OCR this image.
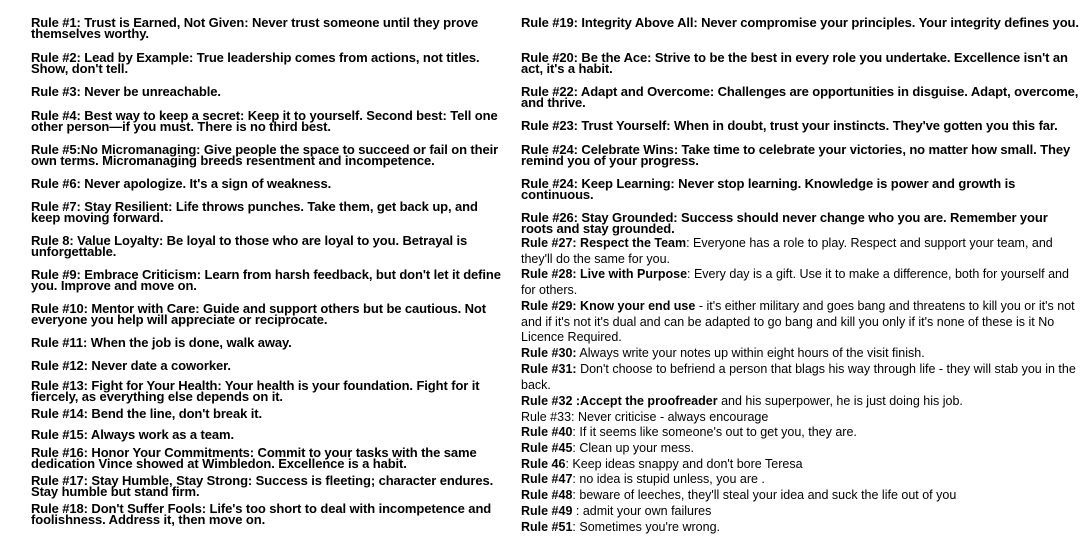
Rule #1: Trust is Earned, Not Given: Never trust someone until they prove themselves worthy.
Rule #2: Lead by Example: True leadership comes from actions, not titles. Show, don't tell.
Rule #3: Never be unreachable.
Rule #4: Best way to keep a secret: Keep it to yourself. Second best: Tell one other person—if you must. There is no third best.
Rule #5:No Micromanaging: Give people the space to succeed or fail on their own terms. Micromanaging breeds resentment and incompetence.
Rule #6: Never apologize. It's a sign of weakness.
Rule #7: Stay Resilient: Life throws punches. Take them, get back up, and keep moving forward.
Rule 8: Value Loyalty: Be loyal to those who are loyal to you. Betrayal is unforgettable.
Rule #9: Embrace Criticism: Learn from harsh feedback, but don't let it define you. Improve and move on.
Rule #10: Mentor with Care: Guide and support others but be cautious. Not everyone you help will appreciate or reciprocate.
Rule #11: When the job is done, walk away.
Rule #12: Never date a coworker.
Rule #13: Fight for Your Health: Your health is your foundation. Fight for it fiercely, as everything else depends on it.
Rule #14: Bend the line, don't break it.
Rule #15: Always work as a team.
Rule #16: Honor Your Commitments: Commit to your tasks with the same dedication Vince showed at Wimbledon. Excellence is a habit.
Rule #17: Stay Humble, Stay Strong: Success is fleeting; character endures. Stay humble but stand firm.
Rule #18: Don't Suffer Fools: Life's too short to deal with incompetence and foolishness. Address it, then move on.
Rule #19: Integrity Above All: Never compromise your principles. Your integrity defines you.
Rule #20: Be the Ace: Strive to be the best in every role you undertake. Excellence isn't an act, it's a habit.
Rule #22: Adapt and Overcome: Challenges are opportunities in disguise. Adapt, overcome, and thrive.
Rule #23: Trust Yourself: When in doubt, trust your instincts. They've gotten you this far.
Rule #24: Celebrate Wins: Take time to celebrate your victories, no matter how small. They remind you of your progress.
Rule #24: Keep Learning: Never stop learning. Knowledge is power and growth is continuous.
Rule #26: Stay Grounded: Success should never change who you are. Remember your roots and stay grounded.
Rule #27: Respect the Team: Everyone has a role to play. Respect and support your team, and they'll do the same for you.
Rule #28: Live with Purpose: Every day is a gift. Use it to make a difference, both for yourself and for others.
Rule #29: Know your end use - it's either military and goes bang and threatens to kill you or it's not and if it's not it's dual and can be adapted to go bang and kill you only if it's none of these is it No Licence Required.
Rule #30: Always write your notes up within eight hours of the visit finish.
Rule #31: Don't choose to befriend a person that blags his way through life - they will stab you in the back.
Rule #32 :Accept the proofreader and his superpower, he is just doing his job.
Rule #33: Never criticise - always encourage
Rule #40: If it seems like someone's out to get you, they are.
Rule #45: Clean up your mess.
Rule 46: Keep ideas snappy and don't bore Teresa
Rule #47: no idea is stupid unless, you are .
Rule #48: beware of leeches, they'll steal your idea and suck the life out of you
Rule #49 : admit your own failures
Rule #51: Sometimes you're wrong.
